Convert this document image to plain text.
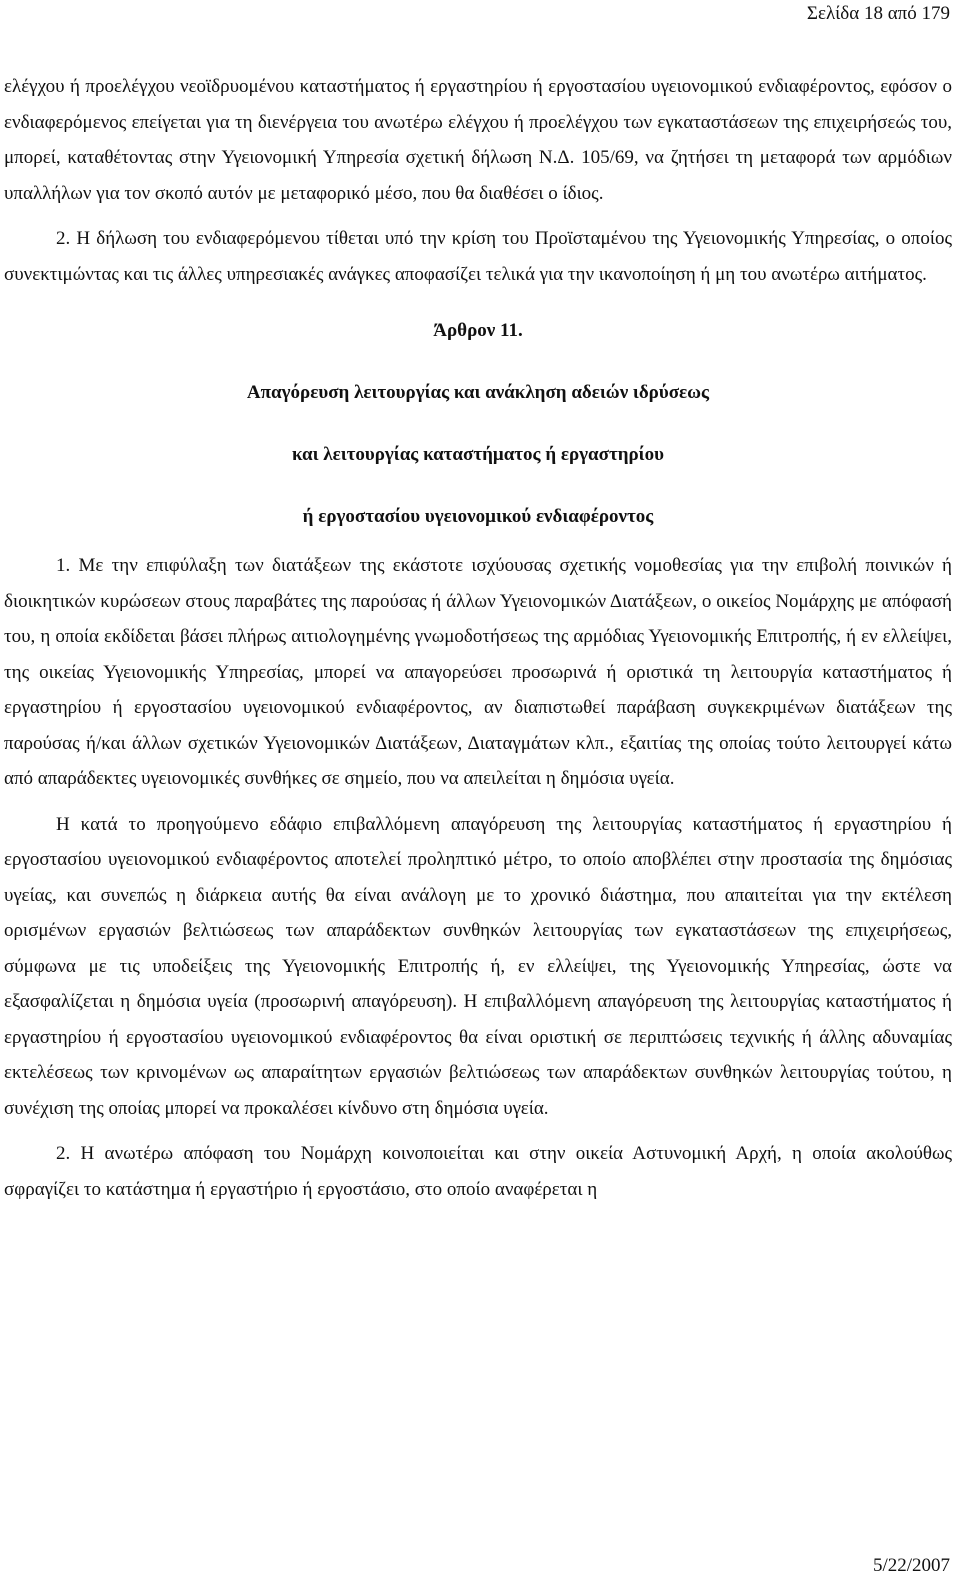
Σελίδα 18 από 179

ελέγχου ή προελέγχου νεοϊδρυομένου καταστήματος ή εργαστηρίου ή εργοστασίου υγειονομικού ενδιαφέροντος, εφόσον ο ενδιαφερόμενος επείγεται για τη διενέργεια του ανωτέρω ελέγχου ή προελέγχου των εγκαταστάσεων της επιχειρήσεώς του, μπορεί, καταθέτοντας στην Υγειονομική Υπηρεσία σχετική δήλωση Ν.Δ. 105/69, να ζητήσει τη μεταφορά των αρμόδιων υπαλλήλων για τον σκοπό αυτόν με μεταφορικό μέσο, που θα διαθέσει ο ίδιος.

2. Η δήλωση του ενδιαφερόμενου τίθεται υπό την κρίση του Προϊσταμένου της Υγειονομικής Υπηρεσίας, ο οποίος συνεκτιμώντας και τις άλλες υπηρεσιακές ανάγκες αποφασίζει τελικά για την ικανοποίηση ή μη του ανωτέρω αιτήματος.

Άρθρον 11.

Απαγόρευση λειτουργίας και ανάκληση αδειών ιδρύσεως
και λειτουργίας καταστήματος ή εργαστηρίου
ή εργοστασίου υγειονομικού ενδιαφέροντος

1. Με την επιφύλαξη των διατάξεων της εκάστοτε ισχύουσας σχετικής νομοθεσίας για την επιβολή ποινικών ή διοικητικών κυρώσεων στους παραβάτες της παρούσας ή άλλων Υγειονομικών Διατάξεων, ο οικείος Νομάρχης με απόφασή του, η οποία εκδίδεται βάσει πλήρως αιτιολογημένης γνωμοδοτήσεως της αρμόδιας Υγειονομικής Επιτροπής, ή εν ελλείψει, της οικείας Υγειονομικής Υπηρεσίας, μπορεί να απαγορεύσει προσωρινά ή οριστικά τη λειτουργία καταστήματος ή εργαστηρίου ή εργοστασίου υγειονομικού ενδιαφέροντος, αν διαπιστωθεί παράβαση συγκεκριμένων διατάξεων της παρούσας ή/και άλλων σχετικών Υγειονομικών Διατάξεων, Διαταγμάτων κλπ., εξαιτίας της οποίας τούτο λειτουργεί κάτω από απαράδεκτες υγειονομικές συνθήκες σε σημείο, που να απειλείται η δημόσια υγεία.

Η κατά το προηγούμενο εδάφιο επιβαλλόμενη απαγόρευση της λειτουργίας καταστήματος ή εργαστηρίου ή εργοστασίου υγειονομικού ενδιαφέροντος αποτελεί προληπτικό μέτρο, το οποίο αποβλέπει στην προστασία της δημόσιας υγείας, και συνεπώς η διάρκεια αυτής θα είναι ανάλογη με το χρονικό διάστημα, που απαιτείται για την εκτέλεση ορισμένων εργασιών βελτιώσεως των απαράδεκτων συνθηκών λειτουργίας των εγκαταστάσεων της επιχειρήσεως, σύμφωνα με τις υποδείξεις της Υγειονομικής Επιτροπής ή, εν ελλείψει, της Υγειονομικής Υπηρεσίας, ώστε να εξασφαλίζεται η δημόσια υγεία (προσωρινή απαγόρευση). Η επιβαλλόμενη απαγόρευση της λειτουργίας καταστήματος ή εργαστηρίου ή εργοστασίου υγειονομικού ενδιαφέροντος θα είναι οριστική σε περιπτώσεις τεχνικής ή άλλης αδυναμίας εκτελέσεως των κρινομένων ως απαραίτητων εργασιών βελτιώσεως των απαράδεκτων συνθηκών λειτουργίας τούτου, η συνέχιση της οποίας μπορεί να προκαλέσει κίνδυνο στη δημόσια υγεία.

2. Η ανωτέρω απόφαση του Νομάρχη κοινοποιείται και στην οικεία Αστυνομική Αρχή, η οποία ακολούθως σφραγίζει το κατάστημα ή εργαστήριο ή εργοστάσιο, στο οποίο αναφέρεται η

5/22/2007
